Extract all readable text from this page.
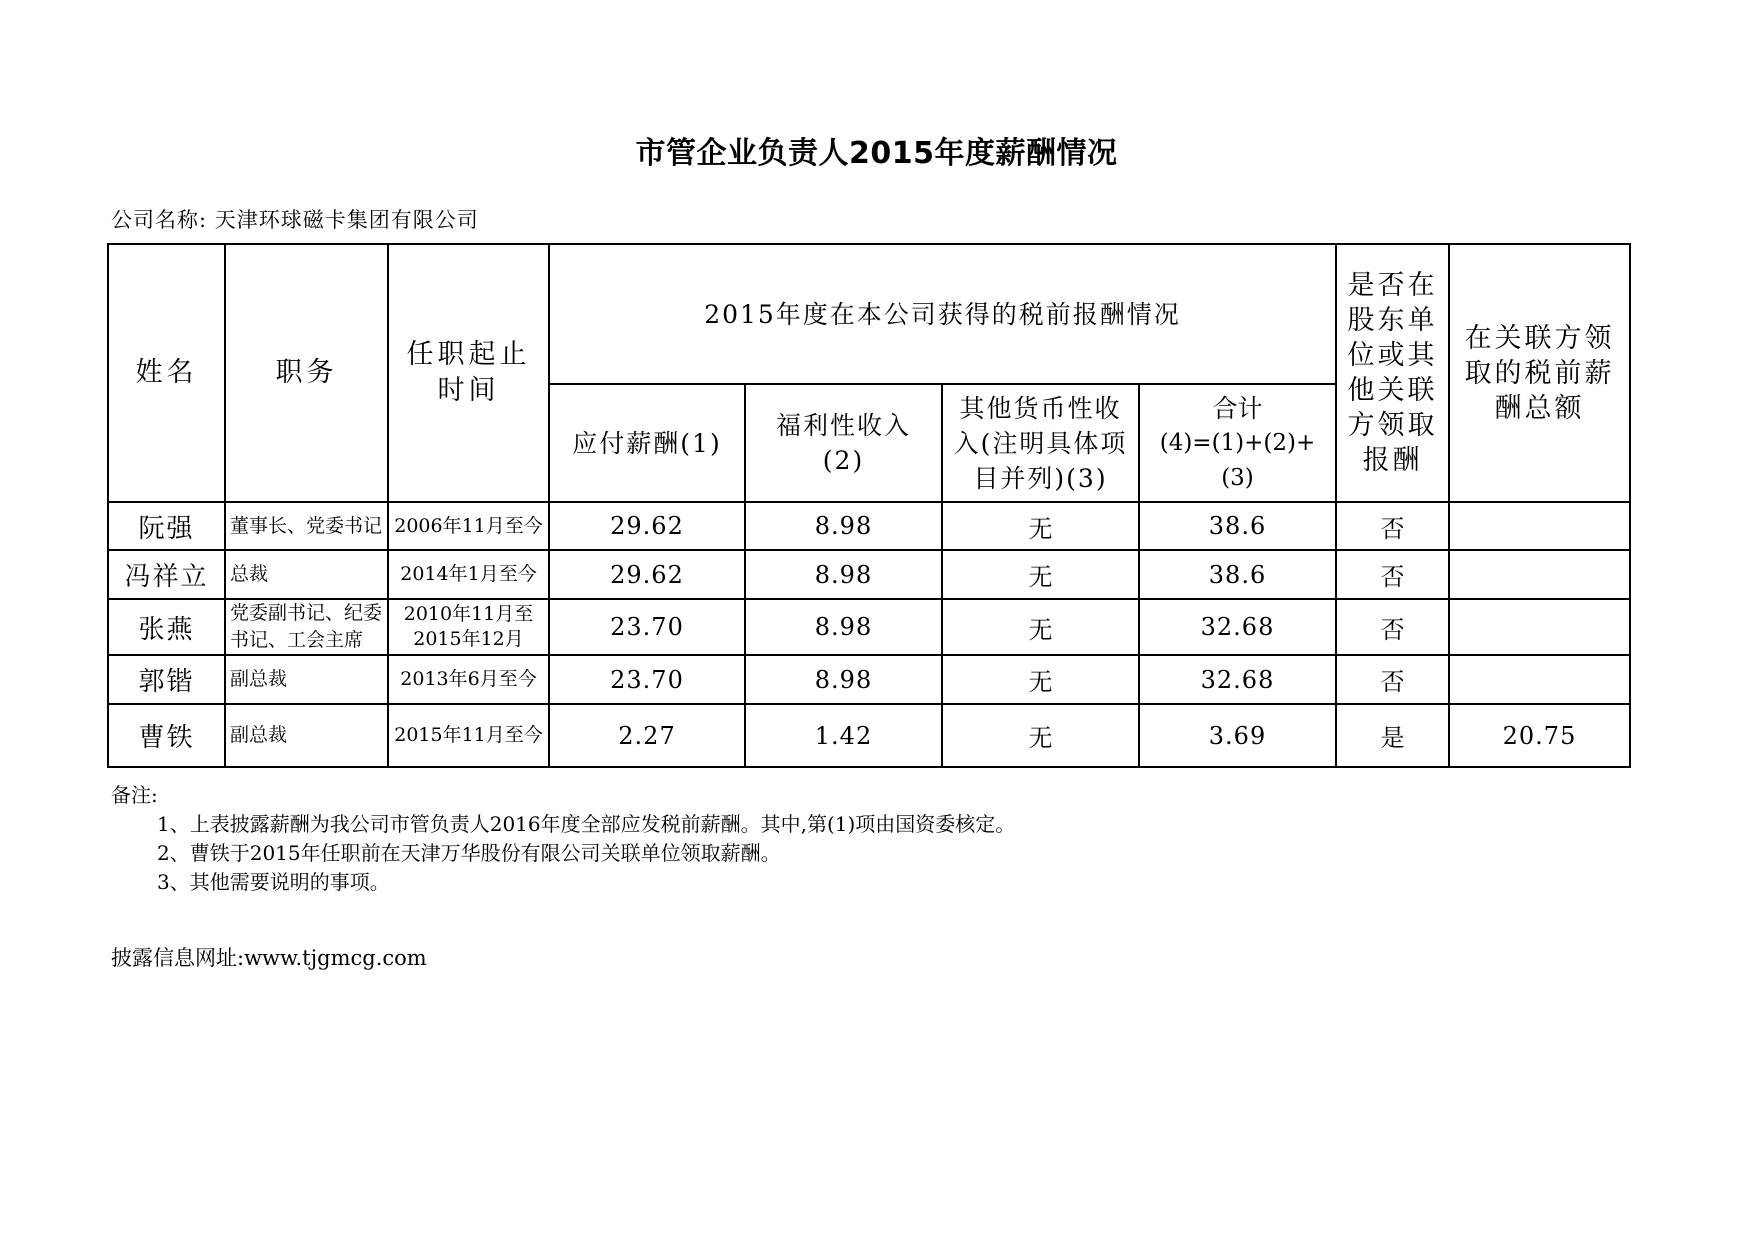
市管企业负责人2015年度薪酬情况
公司名称: 天津环球磁卡集团有限公司
姓名	职务	任职起止时间	2015年度在本公司获得的税前报酬情况				是否在股东单位或其他关联方领取报酬	在关联方领取的税前薪酬总额
			应付薪酬(1)	福利性收入(2)	其他货币性收入(注明具体项目并列)(3)	合计
(4)=(1)+(2)+(3)		

阮强	董事长、党委书记	2006年11月至今	29.62	8.98	无	38.6	否	
冯祥立	总裁	2014年1月至今	29.62	8.98	无	38.6	否	
张燕	党委副书记、纪委书记、工会主席	2010年11月至2015年12月	23.70	8.98	无	32.68	否	
郭锴	副总裁	2013年6月至今	23.70	8.98	无	32.68	否	
曹铁	副总裁	2015年11月至今	2.27	1.42	无	3.69	是	20.75
备注:
1、上表披露薪酬为我公司市管负责人2016年度全部应发税前薪酬。其中,第(1)项由国资委核定。
2、曹铁于2015年任职前在天津万华股份有限公司关联单位领取薪酬。
3、其他需要说明的事项。
披露信息网址:www.tjgmcg.com
